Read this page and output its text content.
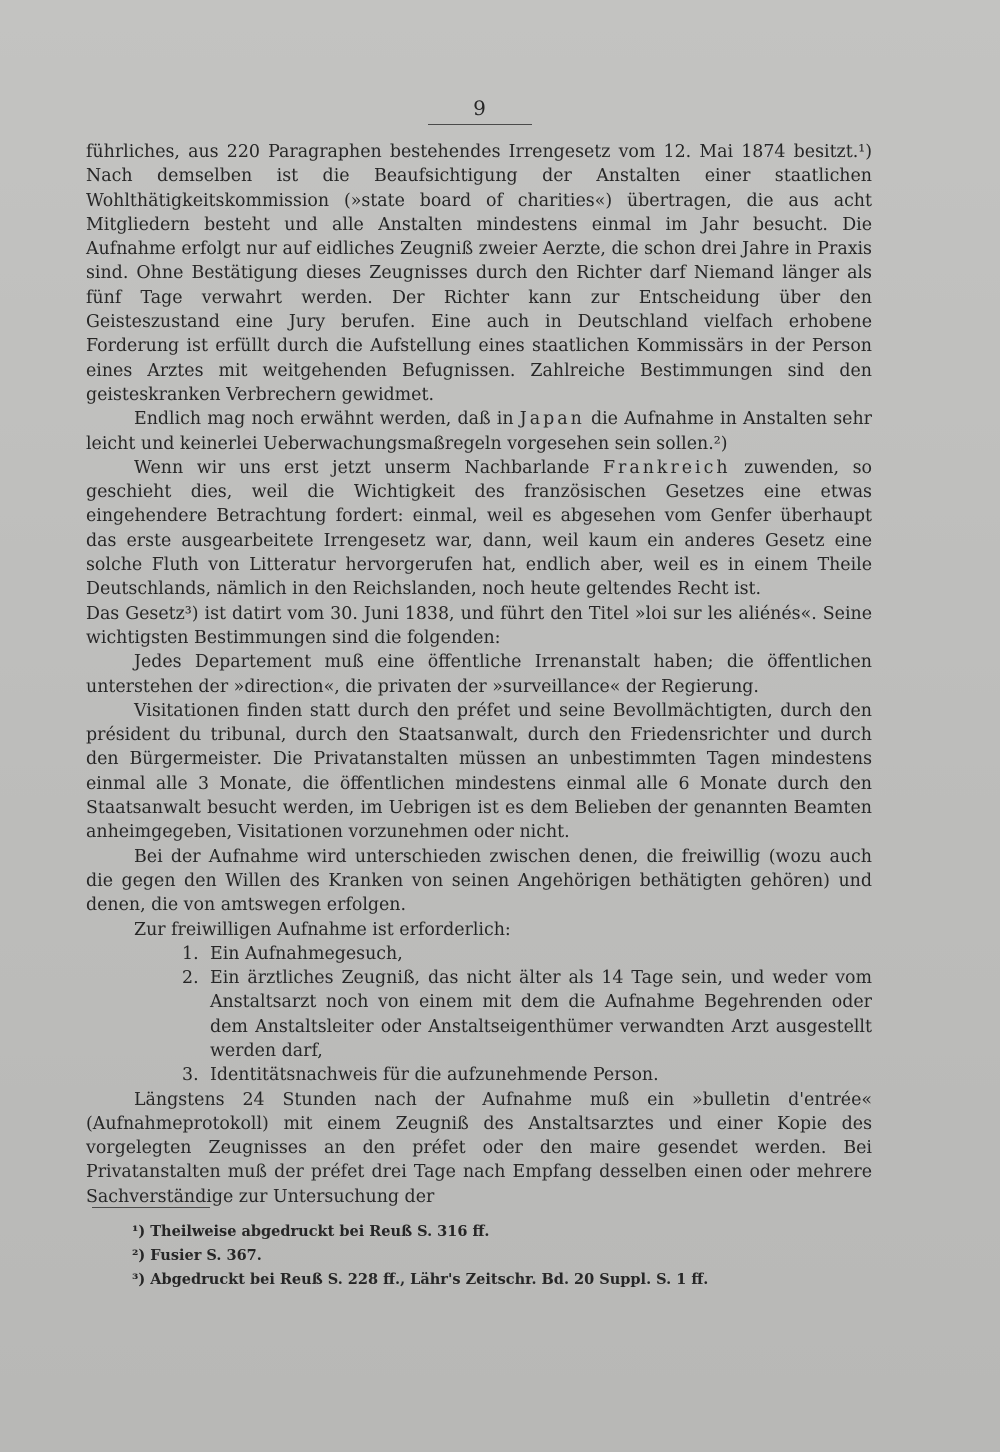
9

führliches, aus 220 Paragraphen bestehendes Irrengesetz vom 12. Mai 1874 besitzt.¹) Nach demselben ist die Beaufsichtigung der Anstalten einer staatlichen Wohlthätigkeitskommission (»state board of charities«) übertragen, die aus acht Mitgliedern besteht und alle Anstalten mindestens einmal im Jahr besucht. Die Aufnahme erfolgt nur auf eidliches Zeugniß zweier Aerzte, die schon drei Jahre in Praxis sind. Ohne Bestätigung dieses Zeugnisses durch den Richter darf Niemand länger als fünf Tage verwahrt werden. Der Richter kann zur Entscheidung über den Geisteszustand eine Jury berufen. Eine auch in Deutschland vielfach erhobene Forderung ist erfüllt durch die Aufstellung eines staatlichen Kommissärs in der Person eines Arztes mit weitgehenden Befugnissen. Zahlreiche Bestimmungen sind den geisteskranken Verbrechern gewidmet.

Endlich mag noch erwähnt werden, daß in Japan die Aufnahme in Anstalten sehr leicht und keinerlei Ueberwachungsmaßregeln vorgesehen sein sollen.²)

Wenn wir uns erst jetzt unserm Nachbarlande Frankreich zuwenden, so geschieht dies, weil die Wichtigkeit des französischen Gesetzes eine etwas eingehendere Betrachtung fordert: einmal, weil es abgesehen vom Genfer überhaupt das erste ausgearbeitete Irrengesetz war, dann, weil kaum ein anderes Gesetz eine solche Fluth von Litteratur hervorgerufen hat, endlich aber, weil es in einem Theile Deutschlands, nämlich in den Reichslanden, noch heute geltendes Recht ist.

Das Gesetz³) ist datirt vom 30. Juni 1838, und führt den Titel »loi sur les aliénés«. Seine wichtigsten Bestimmungen sind die folgenden:

Jedes Departement muß eine öffentliche Irrenanstalt haben; die öffentlichen unterstehen der »direction«, die privaten der »surveillance« der Regierung.

Visitationen finden statt durch den préfet und seine Bevollmächtigten, durch den président du tribunal, durch den Staatsanwalt, durch den Friedensrichter und durch den Bürgermeister. Die Privatanstalten müssen an unbestimmten Tagen mindestens einmal alle 3 Monate, die öffentlichen mindestens einmal alle 6 Monate durch den Staatsanwalt besucht werden, im Uebrigen ist es dem Belieben der genannten Beamten anheimgegeben, Visitationen vorzunehmen oder nicht.

Bei der Aufnahme wird unterschieden zwischen denen, die freiwillig (wozu auch die gegen den Willen des Kranken von seinen Angehörigen bethätigten gehören) und denen, die von amtswegen erfolgen.

Zur freiwilligen Aufnahme ist erforderlich:

1. Ein Aufnahmegesuch,
2. Ein ärztliches Zeugniß, das nicht älter als 14 Tage sein, und weder vom Anstaltsarzt noch von einem mit dem die Aufnahme Begehrenden oder dem Anstaltsleiter oder Anstaltseigenthümer verwandten Arzt ausgestellt werden darf,
3. Identitätsnachweis für die aufzunehmende Person.

Längstens 24 Stunden nach der Aufnahme muß ein »bulletin d'entrée« (Aufnahmeprotokoll) mit einem Zeugniß des Anstaltsarztes und einer Kopie des vorgelegten Zeugnisses an den préfet oder den maire gesendet werden. Bei Privatanstalten muß der préfet drei Tage nach Empfang desselben einen oder mehrere Sachverständige zur Untersuchung der

¹) Theilweise abgedruckt bei Reuß S. 316 ff.
²) Fusier S. 367.
³) Abgedruckt bei Reuß S. 228 ff., Lähr's Zeitschr. Bd. 20 Suppl. S. 1 ff.
